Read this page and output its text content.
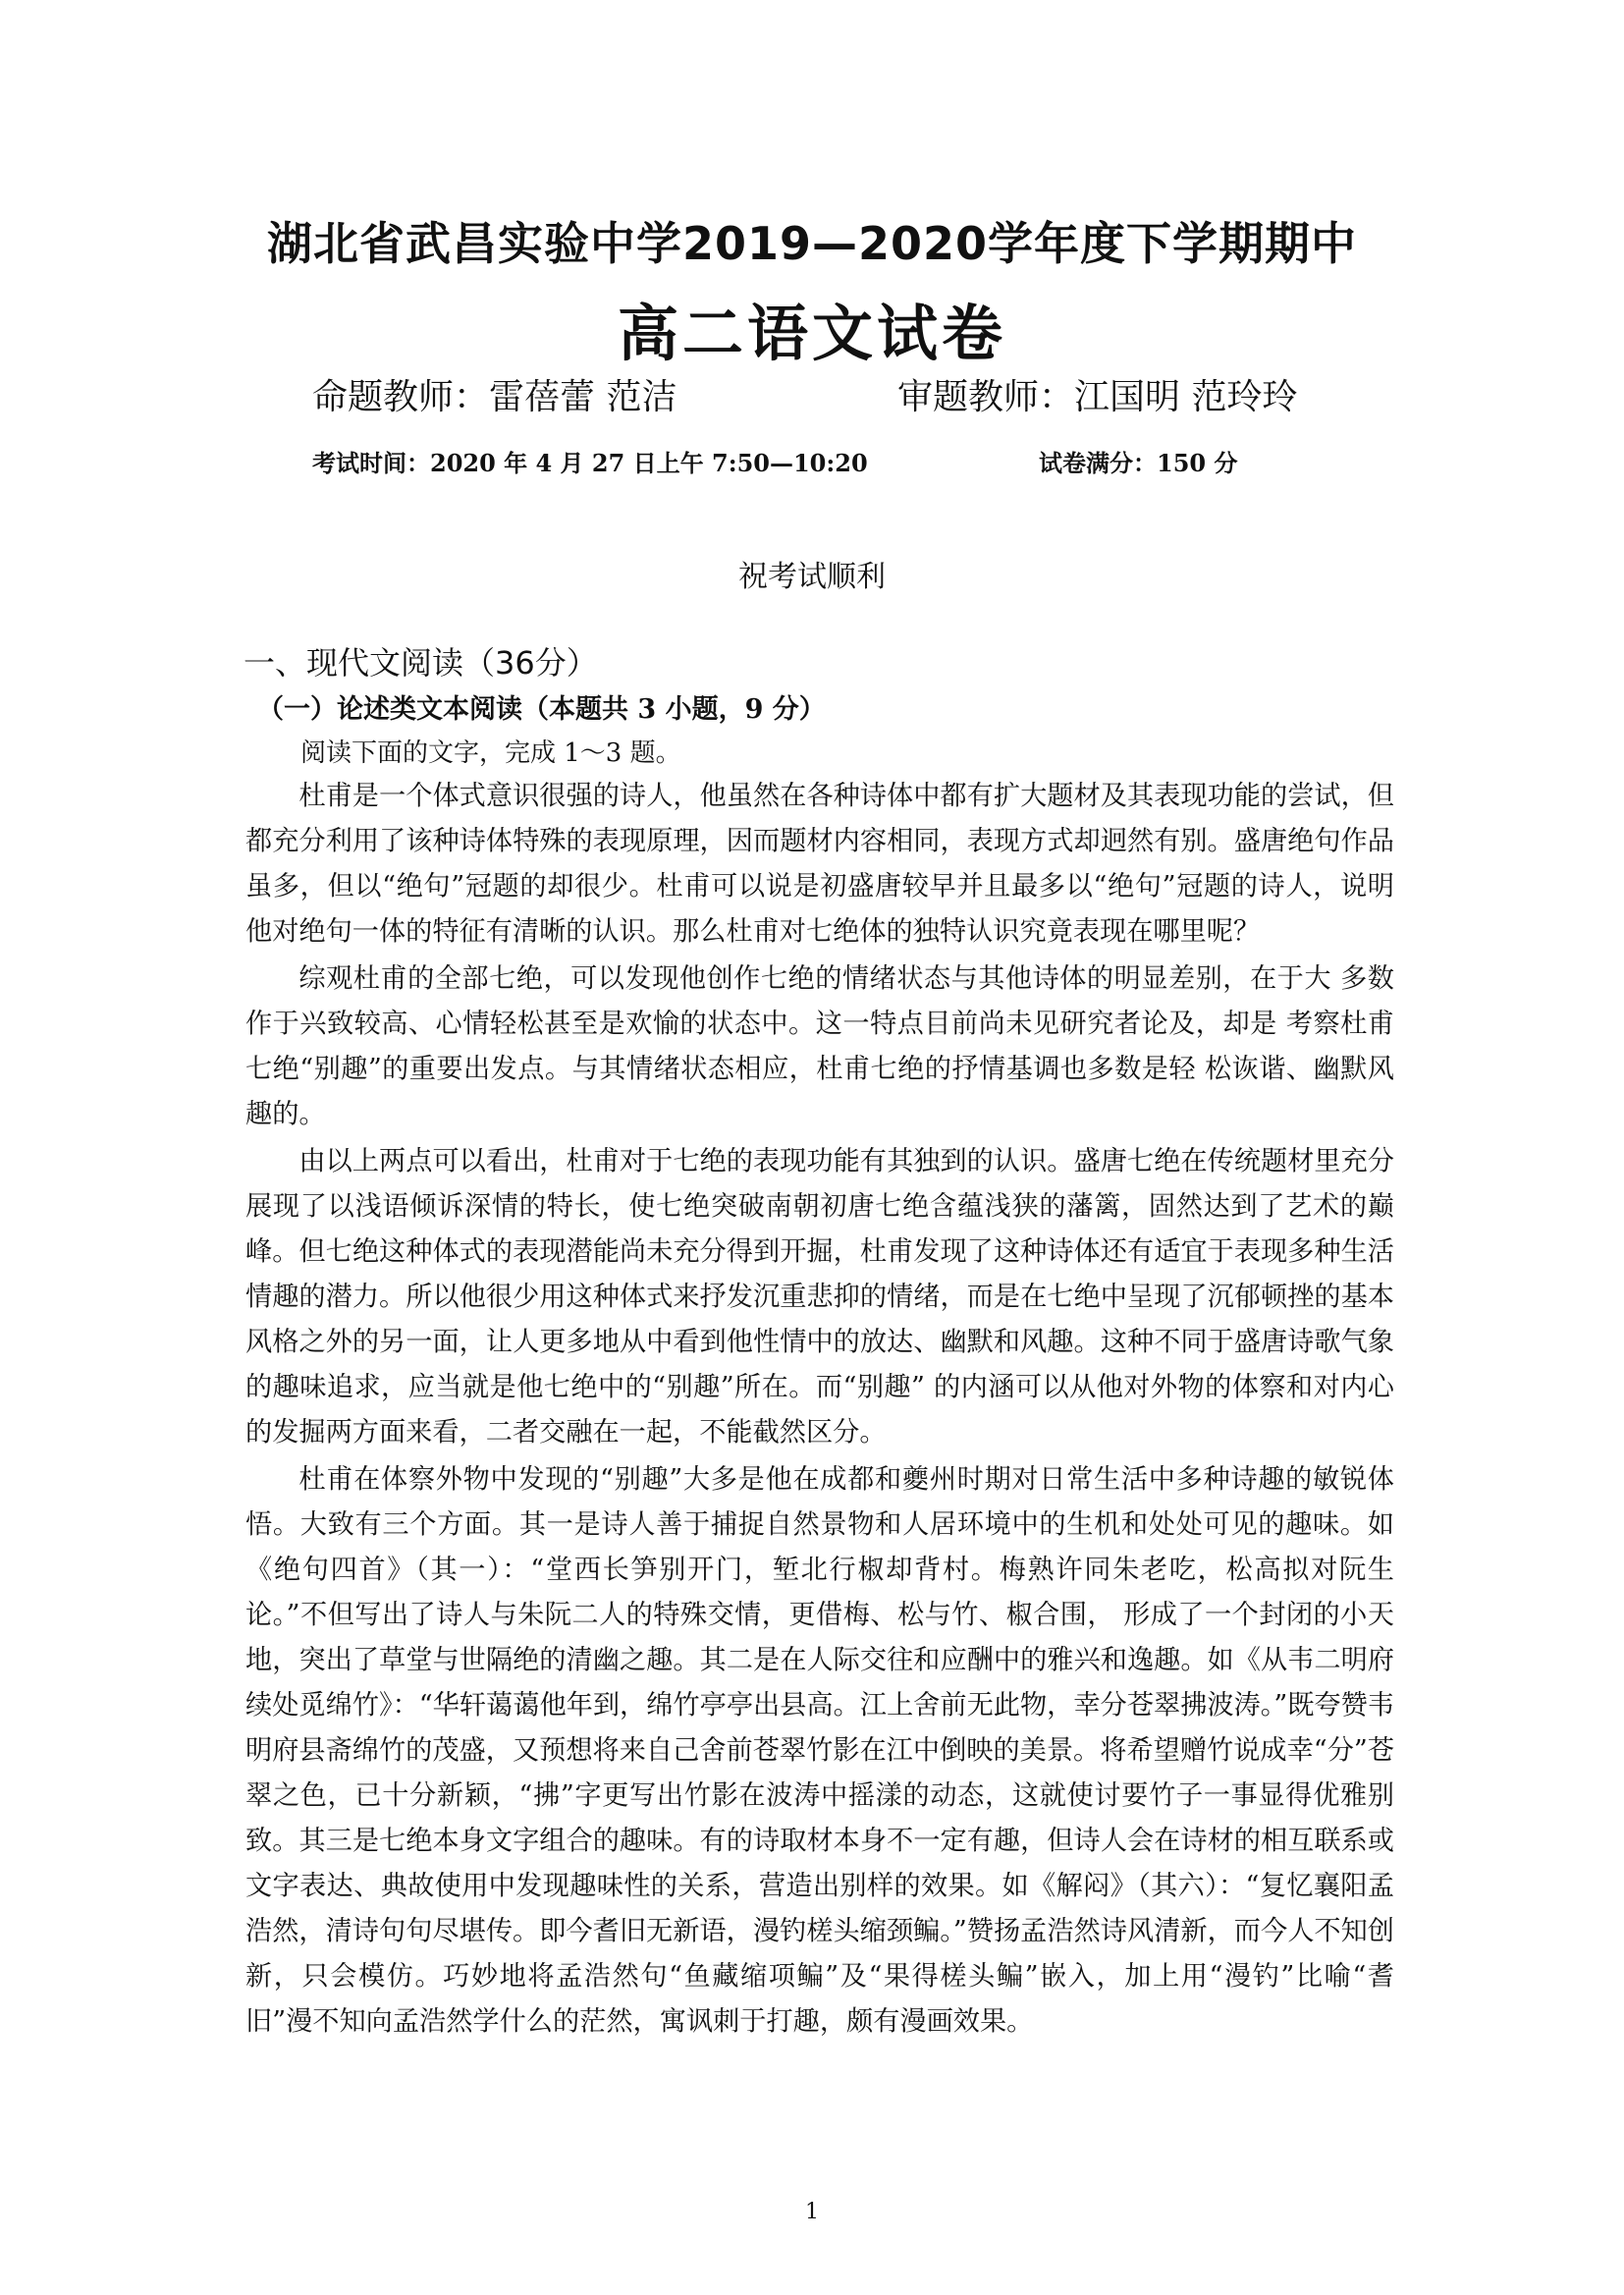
湖北省武昌实验中学2019—2020学年度下学期期中
高二语文试卷
命题教师：雷蓓蕾 范洁	审题教师：江国明 范玲玲
考试时间：2020 年 4 月 27 日上午 7:50—10:20	试卷满分：150 分
祝考试顺利
一、现代文阅读（36分）
（一）论述类文本阅读（本题共 3 小题，9 分）
阅读下面的文字，完成 1～3 题。

杜甫是一个体式意识很强的诗人，他虽然在各种诗体中都有扩大题材及其表现功能的尝试，但都充分利用了该种诗体特殊的表现原理，因而题材内容相同，表现方式却迥然有别。盛唐绝句作品虽多，但以“绝句”冠题的却很少。杜甫可以说是初盛唐较早并且最多以“绝句”冠题的诗人，说明他对绝句一体的特征有清晰的认识。那么杜甫对七绝体的独特认识究竟表现在哪里呢？

综观杜甫的全部七绝，可以发现他创作七绝的情绪状态与其他诗体的明显差别，在于大 多数作于兴致较高、心情轻松甚至是欢愉的状态中。这一特点目前尚未见研究者论及，却是 考察杜甫七绝“别趣”的重要出发点。与其情绪状态相应，杜甫七绝的抒情基调也多数是轻 松诙谐、幽默风趣的。

由以上两点可以看出，杜甫对于七绝的表现功能有其独到的认识。盛唐七绝在传统题材里充分展现了以浅语倾诉深情的特长，使七绝突破南朝初唐七绝含蕴浅狭的藩篱，固然达到了艺术的巅峰。但七绝这种体式的表现潜能尚未充分得到开掘，杜甫发现了这种诗体还有适宜于表现多种生活情趣的潜力。所以他很少用这种体式来抒发沉重悲抑的情绪，而是在七绝中呈现了沉郁顿挫的基本风格之外的另一面，让人更多地从中看到他性情中的放达、幽默和风趣。这种不同于盛唐诗歌气象的趣味追求，应当就是他七绝中的“别趣”所在。而“别趣” 的内涵可以从他对外物的体察和对内心的发掘两方面来看，二者交融在一起，不能截然区分。

杜甫在体察外物中发现的“别趣”大多是他在成都和夔州时期对日常生活中多种诗趣的敏锐体悟。大致有三个方面。其一是诗人善于捕捉自然景物和人居环境中的生机和处处可见的趣味。如《绝句四首》（其一）：“堂西长笋别开门，堑北行椒却背村。梅熟许同朱老吃，松高拟对阮生论。”不但写出了诗人与朱阮二人的特殊交情，更借梅、松与竹、椒合围， 形成了一个封闭的小天地，突出了草堂与世隔绝的清幽之趣。其二是在人际交往和应酬中的雅兴和逸趣。如《从韦二明府续处觅绵竹》：“华轩蔼蔼他年到，绵竹亭亭出县高。江上舍前无此物，幸分苍翠拂波涛。”既夸赞韦明府县斋绵竹的茂盛，又预想将来自己舍前苍翠竹影在江中倒映的美景。将希望赠竹说成幸“分”苍翠之色，已十分新颖，“拂”字更写出竹影在波涛中摇漾的动态，这就使讨要竹子一事显得优雅别致。其三是七绝本身文字组合的趣味。有的诗取材本身不一定有趣，但诗人会在诗材的相互联系或文字表达、典故使用中发现趣味性的关系，营造出别样的效果。如《解闷》（其六）：“复忆襄阳孟浩然，清诗句句尽堪传。即今耆旧无新语，漫钓槎头缩颈鳊。”赞扬孟浩然诗风清新，而今人不知创新，只会模仿。巧妙地将孟浩然句“鱼藏缩项鳊”及“果得槎头鳊”嵌入，加上用“漫钓”比喻“耆旧”漫不知向孟浩然学什么的茫然，寓讽刺于打趣，颇有漫画效果。

1
